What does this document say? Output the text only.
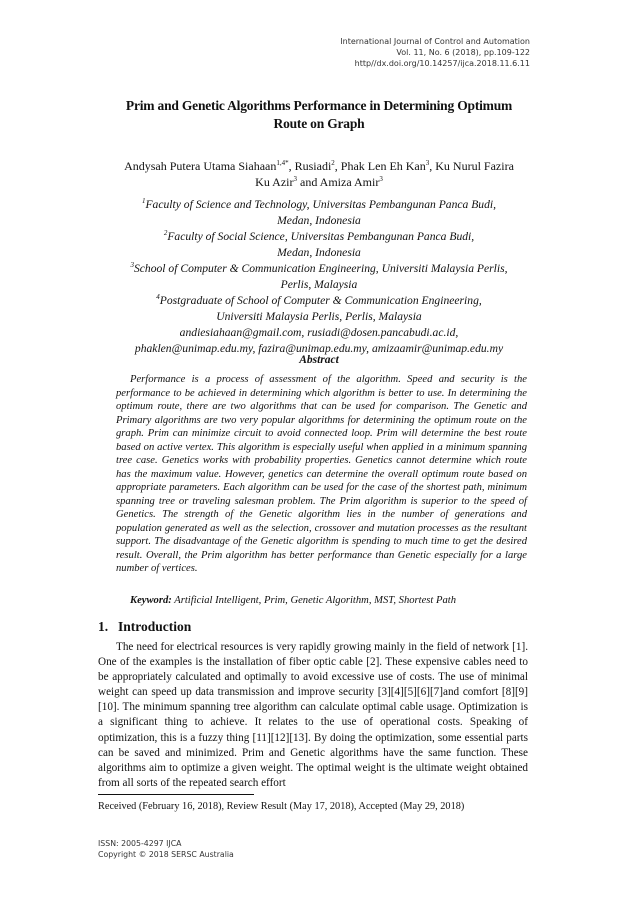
International Journal of Control and Automation
Vol. 11, No. 6 (2018), pp.109-122
http//dx.doi.org/10.14257/ijca.2018.11.6.11
Prim and Genetic Algorithms Performance in Determining Optimum
Route on Graph
Andysah Putera Utama Siahaan$^{1,4*}$, Rusiadi$^2$, Phak Len Eh Kan$^3$, Ku Nurul Fazira
Ku Azir$^3$ and Amiza Amir$^3$
$^1$Faculty of Science and Technology, Universitas Pembangunan Panca Budi,
Medan, Indonesia
$^2$Faculty of Social Science, Universitas Pembangunan Panca Budi,
Medan, Indonesia
$^3$School of Computer & Communication Engineering, Universiti Malaysia Perlis,
Perlis, Malaysia
$^4$Postgraduate of School of Computer & Communication Engineering,
Universiti Malaysia Perlis, Perlis, Malaysia
andiesiahaan@gmail.com, rusiadi@dosen.pancabudi.ac.id,
phaklen@unimap.edu.my, fazira@unimap.edu.my, amizaamir@unimap.edu.my
Abstract
Performance is a process of assessment of the algorithm. Speed and security is the performance to be achieved in determining which algorithm is better to use. In determining the optimum route, there are two algorithms that can be used for comparison. The Genetic and Primary algorithms are two very popular algorithms for determining the optimum route on the graph. Prim can minimize circuit to avoid connected loop. Prim will determine the best route based on active vertex. This algorithm is especially useful when applied in a minimum spanning tree case. Genetics works with probability properties. Genetics cannot determine which route has the maximum value. However, genetics can determine the overall optimum route based on appropriate parameters. Each algorithm can be used for the case of the shortest path, minimum spanning tree or traveling salesman problem. The Prim algorithm is superior to the speed of Genetics. The strength of the Genetic algorithm lies in the number of generations and population generated as well as the selection, crossover and mutation processes as the resultant support. The disadvantage of the Genetic algorithm is spending to much time to get the desired result. Overall, the Prim algorithm has better performance than Genetic especially for a large number of vertices.
Keyword: Artificial Intelligent, Prim, Genetic Algorithm, MST, Shortest Path
1. Introduction
The need for electrical resources is very rapidly growing mainly in the field of network [1]. One of the examples is the installation of fiber optic cable [2]. These expensive cables need to be appropriately calculated and optimally to avoid excessive use of costs. The use of minimal weight can speed up data transmission and improve security [3][4][5][6][7]and comfort [8][9][10]. The minimum spanning tree algorithm can calculate optimal cable usage. Optimization is a significant thing to achieve. It relates to the use of operational costs. Speaking of optimization, this is a fuzzy thing [11][12][13]. By doing the optimization, some essential parts can be saved and minimized. Prim and Genetic algorithms have the same function. These algorithms aim to optimize a given weight. The optimal weight is the ultimate weight obtained from all sorts of the repeated search effort
Received (February 16, 2018), Review Result (May 17, 2018), Accepted (May 29, 2018)
ISSN: 2005-4297 IJCA
Copyright © 2018 SERSC Australia
